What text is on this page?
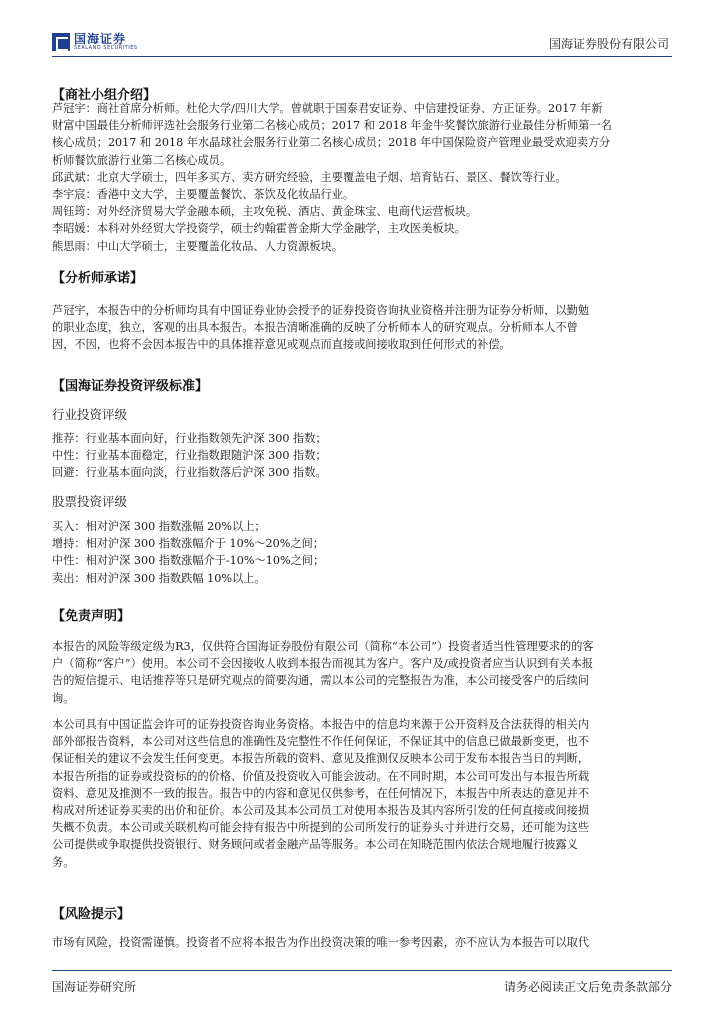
国海证券
SEALAND SECURITIES	国海证券股份有限公司
【商社小组介绍】
芦冠宇：商社首席分析师。杜伦大学/四川大学。曾就职于国泰君安证券、中信建投证券、方正证券。2017 年新
财富中国最佳分析师评选社会服务行业第二名核心成员；2017 和 2018 年金牛奖餐饮旅游行业最佳分析师第一名
核心成员；2017 和 2018 年水晶球社会服务行业第二名核心成员；2018 年中国保险资产管理业最受欢迎卖方分
析师餐饮旅游行业第二名核心成员。
邱武斌：北京大学硕士，四年多买方、卖方研究经验，主要覆盖电子烟、培育钻石、景区、餐饮等行业。
李宇宸：香港中文大学，主要覆盖餐饮、茶饮及化妆品行业。
周钰筠：对外经济贸易大学金融本硕，主攻免税、酒店、黄金珠宝、电商代运营板块。
李昭媛：本科对外经贸大学投资学，硕士约翰霍普金斯大学金融学，主攻医美板块。
熊思雨：中山大学硕士，主要覆盖化妆品、人力资源板块。
【分析师承诺】
芦冠宇，本报告中的分析师均具有中国证券业协会授予的证券投资咨询执业资格并注册为证券分析师，以勤勉
的职业态度，独立，客观的出具本报告。本报告清晰准确的反映了分析师本人的研究观点。分析师本人不曾
因，不因，也将不会因本报告中的具体推荐意见或观点而直接或间接收取到任何形式的补偿。
【国海证券投资评级标准】
行业投资评级
推荐：行业基本面向好，行业指数领先沪深 300 指数；
中性：行业基本面稳定，行业指数跟随沪深 300 指数；
回避：行业基本面向淡，行业指数落后沪深 300 指数。
股票投资评级
买入：相对沪深 300 指数涨幅 20%以上；
增持：相对沪深 300 指数涨幅介于 10%～20%之间；
中性：相对沪深 300 指数涨幅介于-10%～10%之间；
卖出：相对沪深 300 指数跌幅 10%以上。
【免责声明】
本报告的风险等级定级为R3，仅供符合国海证券股份有限公司（简称“本公司”）投资者适当性管理要求的的客
户（简称“客户”）使用。本公司不会因接收人收到本报告而视其为客户。客户及/或投资者应当认识到有关本报
告的短信提示、电话推荐等只是研究观点的简要沟通，需以本公司的完整报告为准，本公司接受客户的后续问
询。
本公司具有中国证监会许可的证券投资咨询业务资格。本报告中的信息均来源于公开资料及合法获得的相关内
部外部报告资料，本公司对这些信息的准确性及完整性不作任何保证，不保证其中的信息已做最新变更，也不
保证相关的建议不会发生任何变更。本报告所载的资料、意见及推测仅反映本公司于发布本报告当日的判断，
本报告所指的证券或投资标的的价格、价值及投资收入可能会波动。在不同时期，本公司可发出与本报告所载
资料、意见及推测不一致的报告。报告中的内容和意见仅供参考，在任何情况下，本报告中所表达的意见并不
构成对所述证券买卖的出价和征价。本公司及其本公司员工对使用本报告及其内容所引发的任何直接或间接损
失概不负责。本公司或关联机构可能会持有报告中所提到的公司所发行的证券头寸并进行交易，还可能为这些
公司提供或争取提供投资银行、财务顾问或者金融产品等服务。本公司在知晓范围内依法合规地履行披露义
务。
【风险提示】
市场有风险，投资需谨慎。投资者不应将本报告为作出投资决策的唯一参考因素，亦不应认为本报告可以取代
国海证券研究所	请务必阅读正文后免责条款部分
